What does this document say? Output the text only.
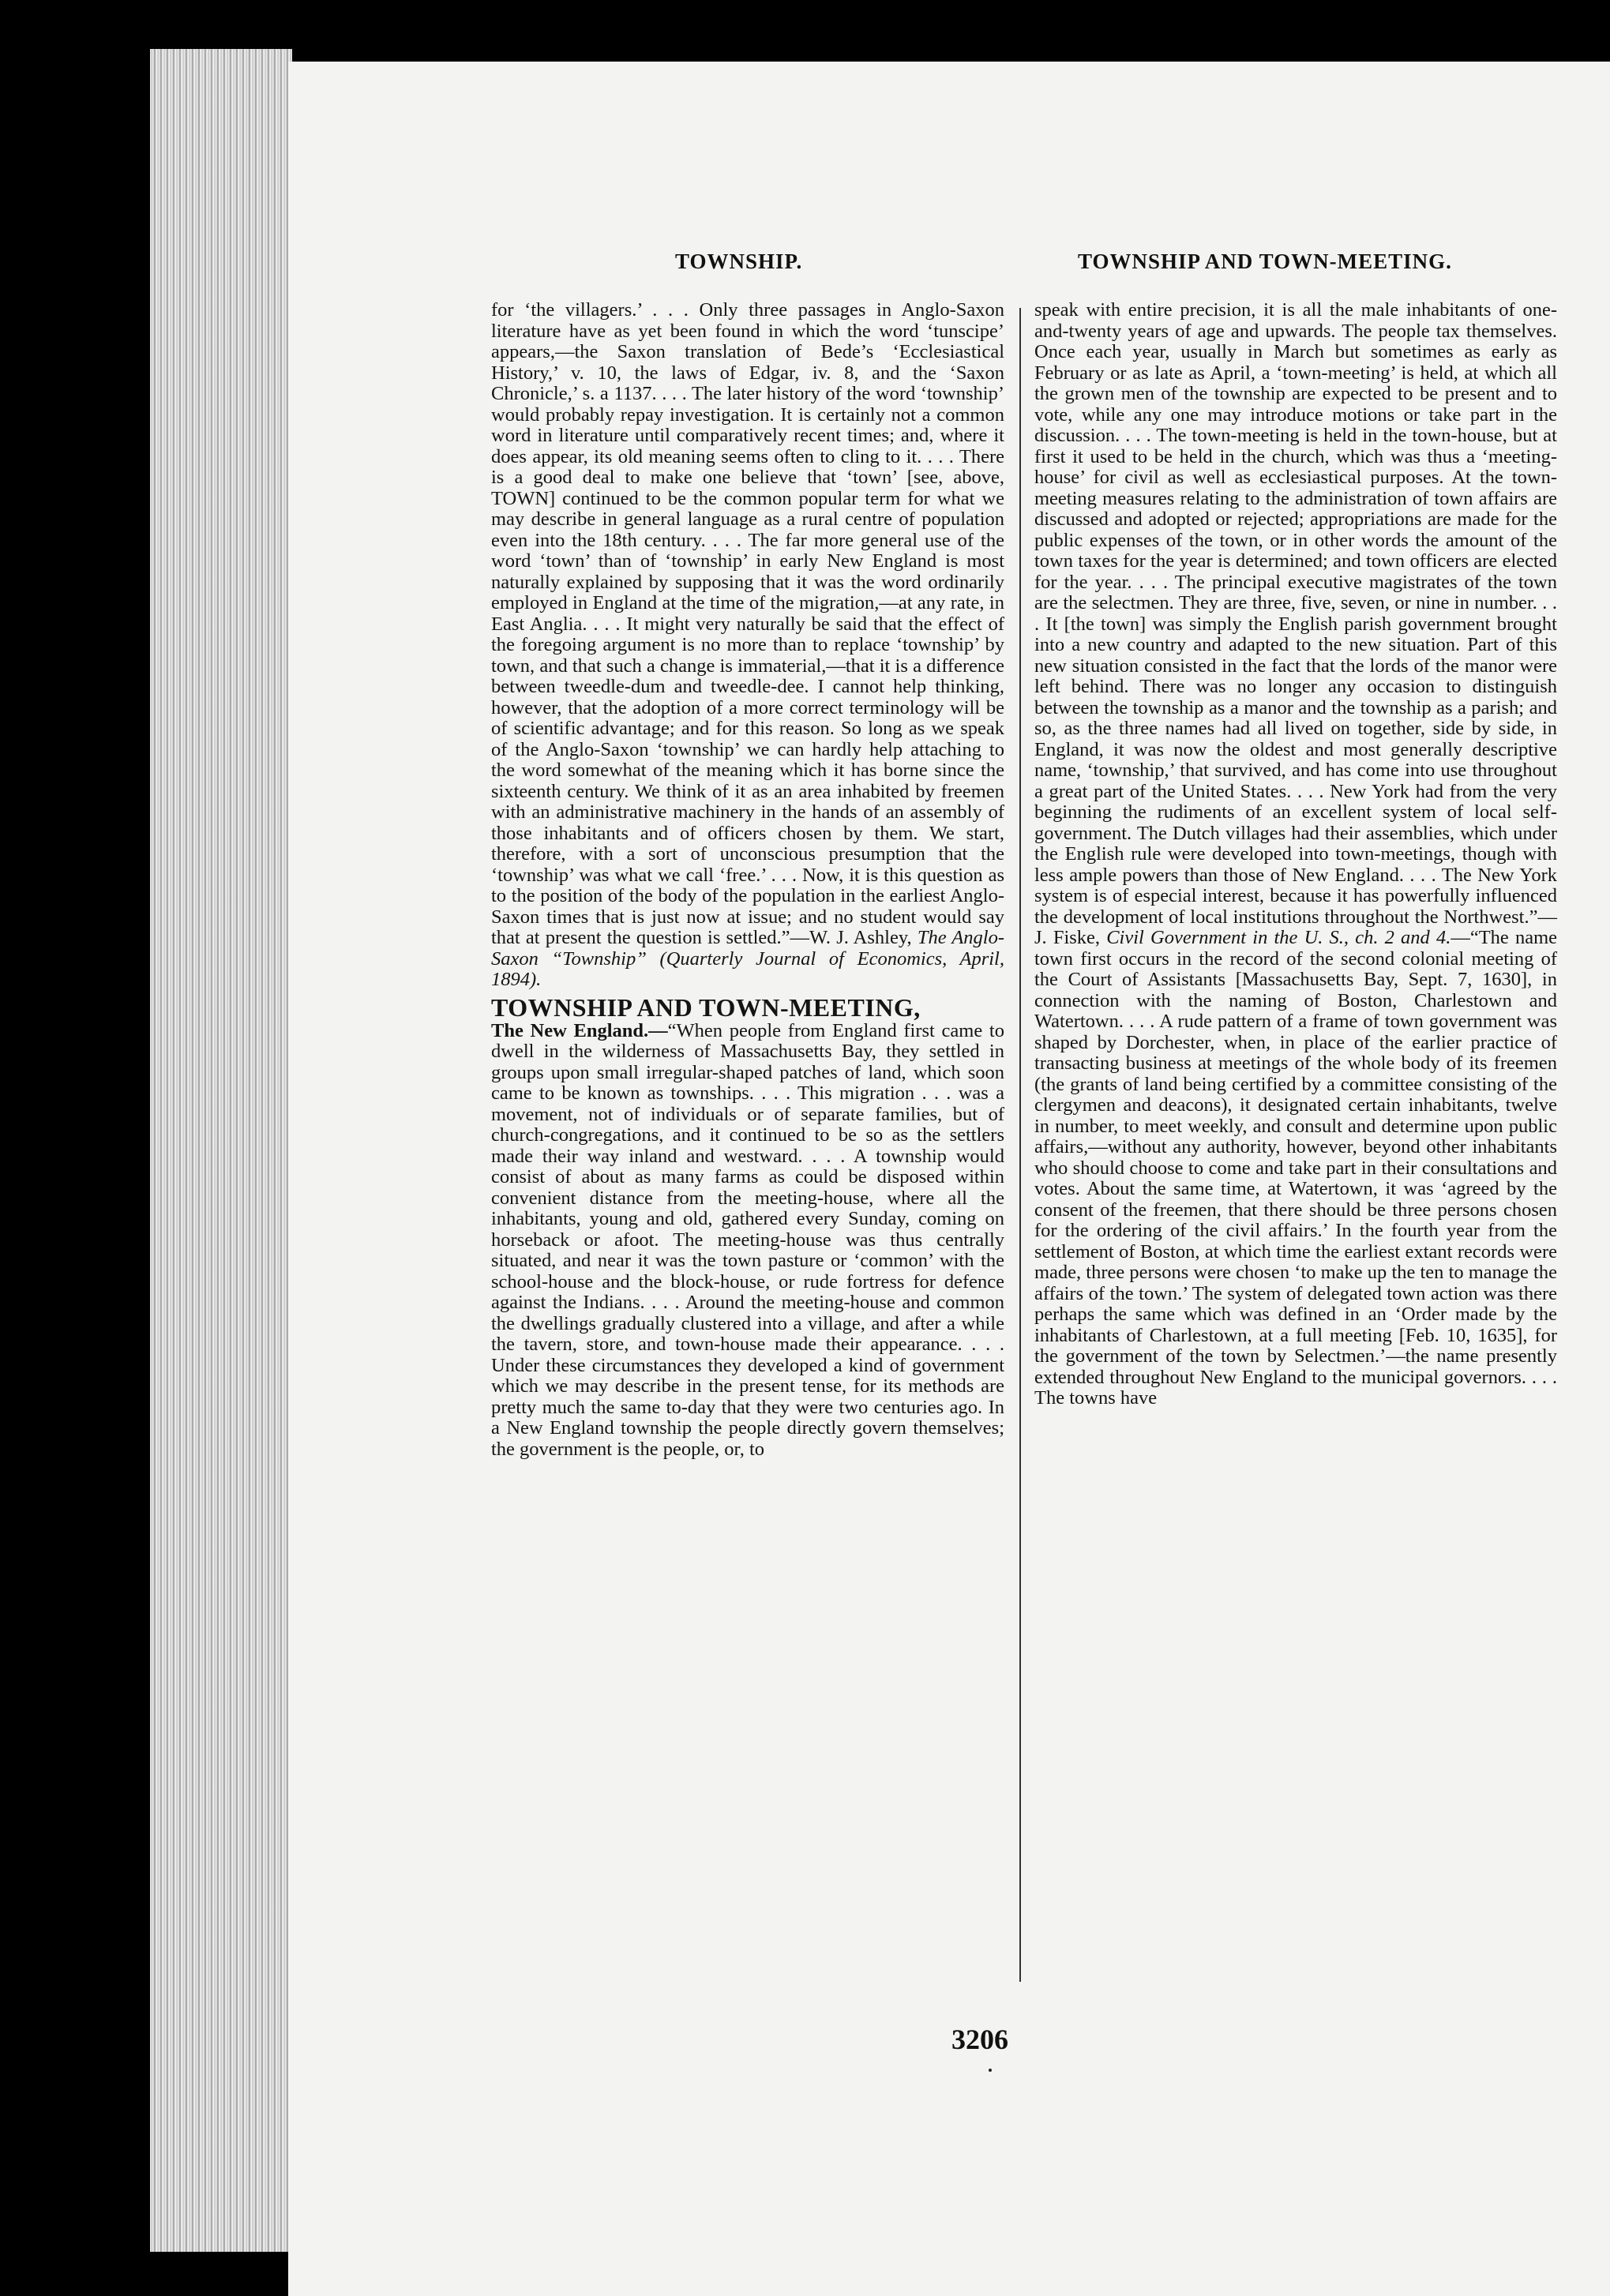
TOWNSHIP.	TOWNSHIP AND TOWN-MEETING.

for ‘the villagers.’ . . . Only three passages in Anglo-Saxon literature have as yet been found in which the word ‘tunscipe’ appears,—the Saxon translation of Bede’s ‘Ecclesiastical History,’ v. 10, the laws of Edgar, iv. 8, and the ‘Saxon Chronicle,’ s. a 1137. . . . The later history of the word ‘township’ would probably repay investigation. It is certainly not a common word in literature until comparatively recent times; and, where it does appear, its old meaning seems often to cling to it. . . . There is a good deal to make one believe that ‘town’ [see, above, TOWN] continued to be the common popular term for what we may describe in general language as a rural centre of population even into the 18th century. . . . The far more general use of the word ‘town’ than of ‘township’ in early New England is most naturally explained by supposing that it was the word ordinarily employed in England at the time of the migration,—at any rate, in East Anglia. . . . It might very naturally be said that the effect of the foregoing argument is no more than to replace ‘township’ by town, and that such a change is immaterial,—that it is a difference between tweedle-dum and tweedle-dee. I cannot help thinking, however, that the adoption of a more correct terminology will be of scientific advantage; and for this reason. So long as we speak of the Anglo-Saxon ‘township’ we can hardly help attaching to the word somewhat of the meaning which it has borne since the sixteenth century. We think of it as an area inhabited by freemen with an administrative machinery in the hands of an assembly of those inhabitants and of officers chosen by them. We start, therefore, with a sort of unconscious presumption that the ‘township’ was what we call ‘free.’ . . . Now, it is this question as to the position of the body of the population in the earliest Anglo-Saxon times that is just now at issue; and no student would say that at present the question is settled.”—W. J. Ashley, The Anglo-Saxon “Township” (Quarterly Journal of Economics, April, 1894).

TOWNSHIP AND TOWN-MEETING,

The New England.—“When people from England first came to dwell in the wilderness of Massachusetts Bay, they settled in groups upon small irregular-shaped patches of land, which soon came to be known as townships. . . . This migration . . . was a movement, not of individuals or of separate families, but of church-congregations, and it continued to be so as the settlers made their way inland and westward. . . . A township would consist of about as many farms as could be disposed within convenient distance from the meeting-house, where all the inhabitants, young and old, gathered every Sunday, coming on horseback or afoot. The meeting-house was thus centrally situated, and near it was the town pasture or ‘common’ with the school-house and the block-house, or rude fortress for defence against the Indians. . . . Around the meeting-house and common the dwellings gradually clustered into a village, and after a while the tavern, store, and town-house made their appearance. . . . Under these circumstances they developed a kind of government which we may describe in the present tense, for its methods are pretty much the same to-day that they were two centuries ago. In a New England township the people directly govern themselves; the government is the people, or, to

speak with entire precision, it is all the male inhabitants of one-and-twenty years of age and upwards. The people tax themselves. Once each year, usually in March but sometimes as early as February or as late as April, a ‘town-meeting’ is held, at which all the grown men of the township are expected to be present and to vote, while any one may introduce motions or take part in the discussion. . . . The town-meeting is held in the town-house, but at first it used to be held in the church, which was thus a ‘meeting-house’ for civil as well as ecclesiastical purposes. At the town-meeting measures relating to the administration of town affairs are discussed and adopted or rejected; appropriations are made for the public expenses of the town, or in other words the amount of the town taxes for the year is determined; and town officers are elected for the year. . . . The principal executive magistrates of the town are the selectmen. They are three, five, seven, or nine in number. . . . It [the town] was simply the English parish government brought into a new country and adapted to the new situation. Part of this new situation consisted in the fact that the lords of the manor were left behind. There was no longer any occasion to distinguish between the township as a manor and the township as a parish; and so, as the three names had all lived on together, side by side, in England, it was now the oldest and most generally descriptive name, ‘township,’ that survived, and has come into use throughout a great part of the United States. . . . New York had from the very beginning the rudiments of an excellent system of local self-government. The Dutch villages had their assemblies, which under the English rule were developed into town-meetings, though with less ample powers than those of New England. . . . The New York system is of especial interest, because it has powerfully influenced the development of local institutions throughout the Northwest.”—J. Fiske, Civil Government in the U. S., ch. 2 and 4.—“The name town first occurs in the record of the second colonial meeting of the Court of Assistants [Massachusetts Bay, Sept. 7, 1630], in connection with the naming of Boston, Charlestown and Watertown. . . . A rude pattern of a frame of town government was shaped by Dorchester, when, in place of the earlier practice of transacting business at meetings of the whole body of its freemen (the grants of land being certified by a committee consisting of the clergymen and deacons), it designated certain inhabitants, twelve in number, to meet weekly, and consult and determine upon public affairs,—without any authority, however, beyond other inhabitants who should choose to come and take part in their consultations and votes. About the same time, at Watertown, it was ‘agreed by the consent of the freemen, that there should be three persons chosen for the ordering of the civil affairs.’ In the fourth year from the settlement of Boston, at which time the earliest extant records were made, three persons were chosen ‘to make up the ten to manage the affairs of the town.’ The system of delegated town action was there perhaps the same which was defined in an ‘Order made by the inhabitants of Charlestown, at a full meeting [Feb. 10, 1635], for the government of the town by Selectmen.’—the name presently extended throughout New England to the municipal governors. . . . The towns have

3206
